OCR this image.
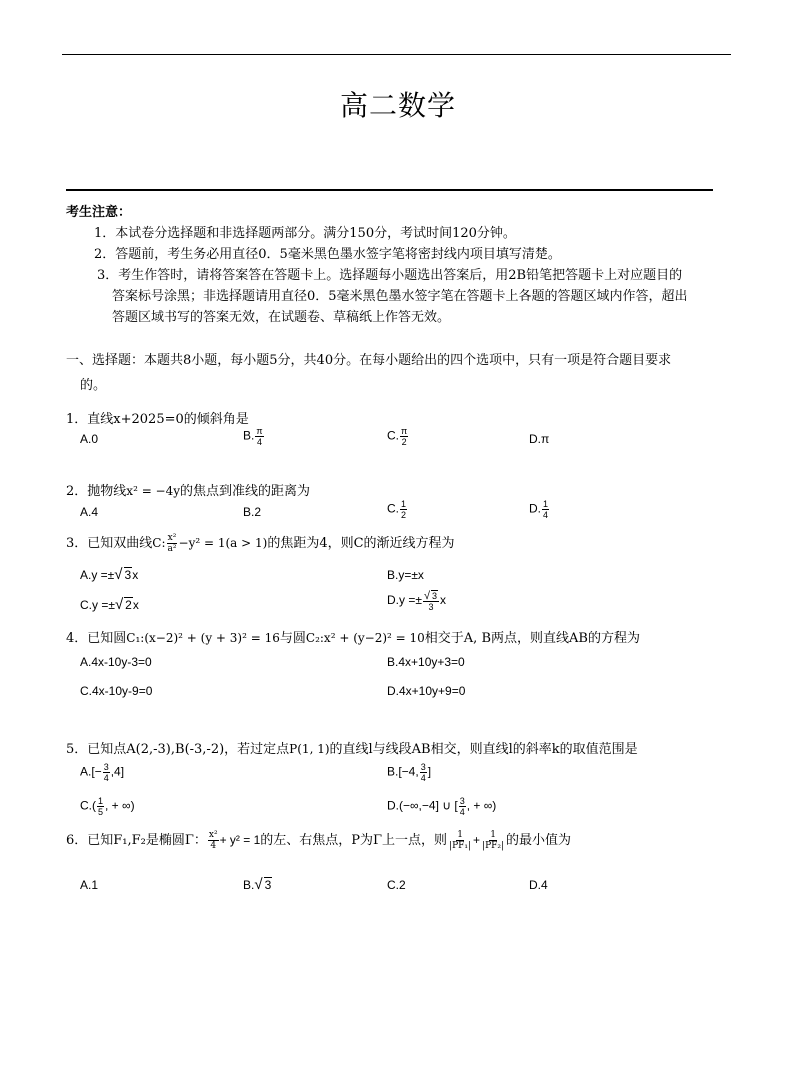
高二数学
考生注意：
1．本试卷分选择题和非选择题两部分。满分150分，考试时间120分钟。
2．答题前，考生务必用直径0．5毫米黑色墨水签字笔将密封线内项目填写清楚。
3．考生作答时，请将答案答在答题卡上。选择题每小题选出答案后，用2B铅笔把答题卡上对应题目的
答案标号涂黑；非选择题请用直径0．5毫米黑色墨水签字笔在答题卡上各题的答题区域内作答，超出
答题区域书写的答案无效，在试题卷、草稿纸上作答无效。
一、选择题：本题共8小题，每小题5分，共40分。在每小题给出的四个选项中，只有一项是符合题目要求
的。
1．直线x+2025=0的倾斜角是
A.0	B. $\frac{\pi}{4}$	C. $\frac{\pi}{2}$	D.π
2．抛物线x² = −4y的焦点到准线的距离为
A.4	B.2	C. $\frac{1}{2}$	D. $\frac{1}{4}$
3．已知双曲线C: $\frac{\text{x²}}{\text{a²}} -y^2 = 1(a > 1)$的焦距为4，则C的渐近线方程为
A.y =±√ 3x	B.y=±x
C.y =±√ 2x	$D.y =\pm \frac{√ 3}{3}$ x
4．已知圆C₁:(x−2)² + (y + 3)² = 16与圆C₂:x² + (y−2)² = 10相交于A, B两点，则直线AB的方程为
A.4x-10y-3=0	B.4x+10y+3=0
C.4x-10y-9=0	D.4x+10y+9=0
5．已知点A(2,-3),B(-3,-2)，若过定点P(1, 1)的直线l与线段AB相交，则直线l的斜率k的取值范围是
$A.[- \frac{3}{4} ,4]$	B.[−4, $\frac{3}{4}$ ]
$C.( \frac{1}{5}$ , + ∞)	D.(−∞,−4] ∪ [ $\frac{3}{4}$ , + ∞)
6．已知F₁,F₂是椭圆Γ： $\frac{\text{x²}}{4} + y^2 = 1$的左、右焦点，P为Γ上一点，则 $\frac{1}{\text{|PF₁|}} + \frac{1}{\text{|PF₂|}}$ 的最小值为
A.1	B.√ 3	C.2	D.4
